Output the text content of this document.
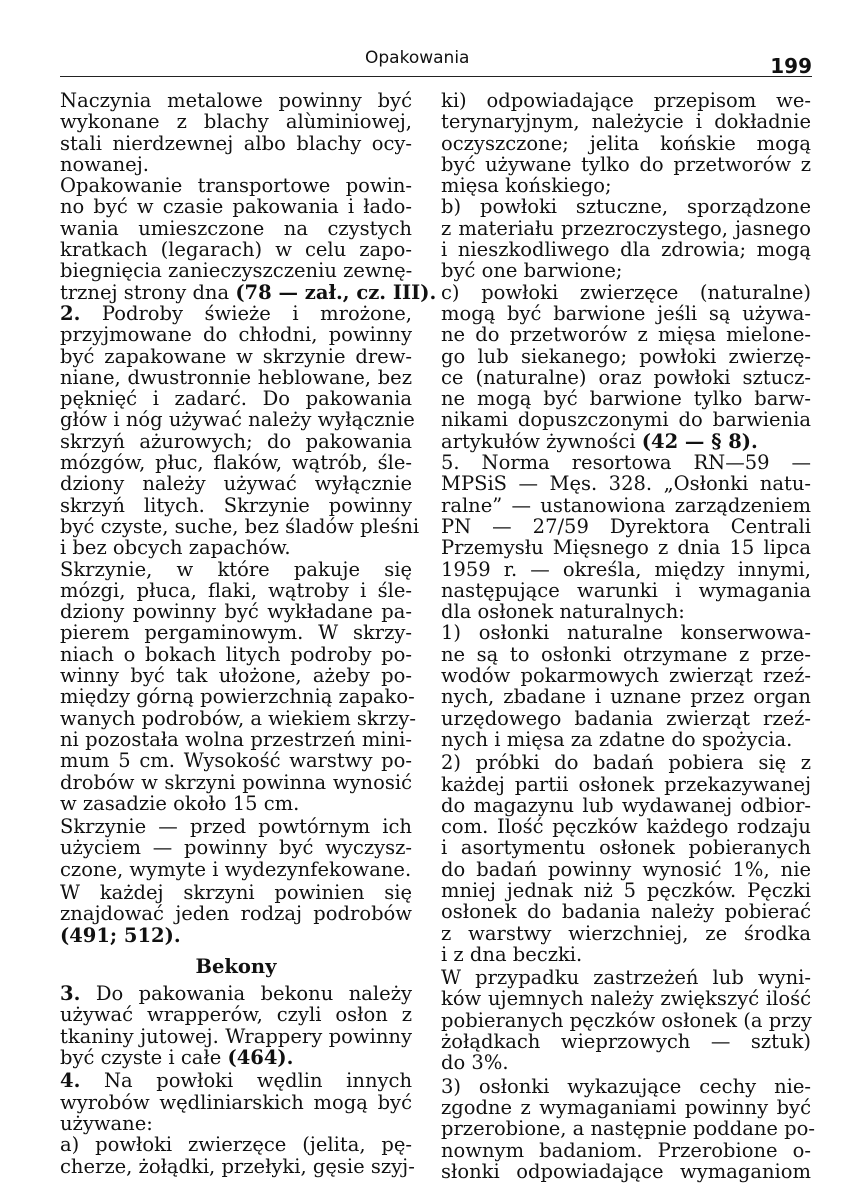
Opakowania	199
Naczynia metalowe powinny być
wykonane z blachy alùminiowej,
stali nierdzewnej albo blachy ocy-
nowanej.
Opakowanie transportowe powin-
no być w czasie pakowania i łado-
wania umieszczone na czystych
kratkach (legarach) w celu zapo-
biegnięcia zanieczyszczeniu zewnę-
trznej strony dna (78 — zał., cz. III).
2. Podroby świeże i mrożone,
przyjmowane do chłodni, powinny
być zapakowane w skrzynie drew-
niane, dwustronnie heblowane, bez
pęknięć i zadarć. Do pakowania
głów i nóg używać należy wyłącznie
skrzyń ażurowych; do pakowania
mózgów, płuc, flaków, wątrób, śle-
dziony należy używać wyłącznie
skrzyń litych. Skrzynie powinny
być czyste, suche, bez śladów pleśni
i bez obcych zapachów.
Skrzynie, w które pakuje się
mózgi, płuca, flaki, wątroby i śle-
dziony powinny być wykładane pa-
pierem pergaminowym. W skrzy-
niach o bokach litych podroby po-
winny być tak ułożone, ażeby po-
między górną powierzchnią zapako-
wanych podrobów, a wiekiem skrzy-
ni pozostała wolna przestrzeń mini-
mum 5 cm. Wysokość warstwy po-
drobów w skrzyni powinna wynosić
w zasadzie około 15 cm.
Skrzynie — przed powtórnym ich
użyciem — powinny być wyczysz-
czone, wymyte i wydezynfekowane.
W każdej skrzyni powinien się
znajdować jeden rodzaj podrobów
(491; 512).
Bekony
3. Do pakowania bekonu należy
używać wrapperów, czyli osłon z
tkaniny jutowej. Wrappery powinny
być czyste i całe (464).
4. Na powłoki wędlin innych
wyrobów wędliniarskich mogą być
używane:
a) powłoki zwierzęce (jelita, pę-
cherze, żołądki, przełyki, gęsie szyj-
ki) odpowiadające przepisom we-
terynaryjnym, należycie i dokładnie
oczyszczone; jelita końskie mogą
być używane tylko do przetworów z
mięsa końskiego;
b) powłoki sztuczne, sporządzone
z materiału przezroczystego, jasnego
i nieszkodliwego dla zdrowia; mogą
być one barwione;
c) powłoki zwierzęce (naturalne)
mogą być barwione jeśli są używa-
ne do przetworów z mięsa mielone-
go lub siekanego; powłoki zwierzę-
ce (naturalne) oraz powłoki sztucz-
ne mogą być barwione tylko barw-
nikami dopuszczonymi do barwienia
artykułów żywności (42 — § 8).
5. Norma resortowa RN—59 —
MPSiS — Męs. 328. „Osłonki natu-
ralne” — ustanowiona zarządzeniem
PN — 27/59 Dyrektora Centrali
Przemysłu Mięsnego z dnia 15 lipca
1959 r. — określa, między innymi,
następujące warunki i wymagania
dla osłonek naturalnych:
1) osłonki naturalne konserwowa-
ne są to osłonki otrzymane z prze-
wodów pokarmowych zwierząt rzeź-
nych, zbadane i uznane przez organ
urzędowego badania zwierząt rzeź-
nych i mięsa za zdatne do spożycia.
2) próbki do badań pobiera się z
każdej partii osłonek przekazywanej
do magazynu lub wydawanej odbior-
com. Ilość pęczków każdego rodzaju
i asortymentu osłonek pobieranych
do badań powinny wynosić 1%, nie
mniej jednak niż 5 pęczków. Pęczki
osłonek do badania należy pobierać
z warstwy wierzchniej, ze środka
i z dna beczki.
W przypadku zastrzeżeń lub wyni-
ków ujemnych należy zwiększyć ilość
pobieranych pęczków osłonek (a przy
żołądkach wieprzowych — sztuk)
do 3%.
3) osłonki wykazujące cechy nie-
zgodne z wymaganiami powinny być
przerobione, a następnie poddane po-
nownym badaniom. Przerobione o-
słonki odpowiadające wymaganiom
